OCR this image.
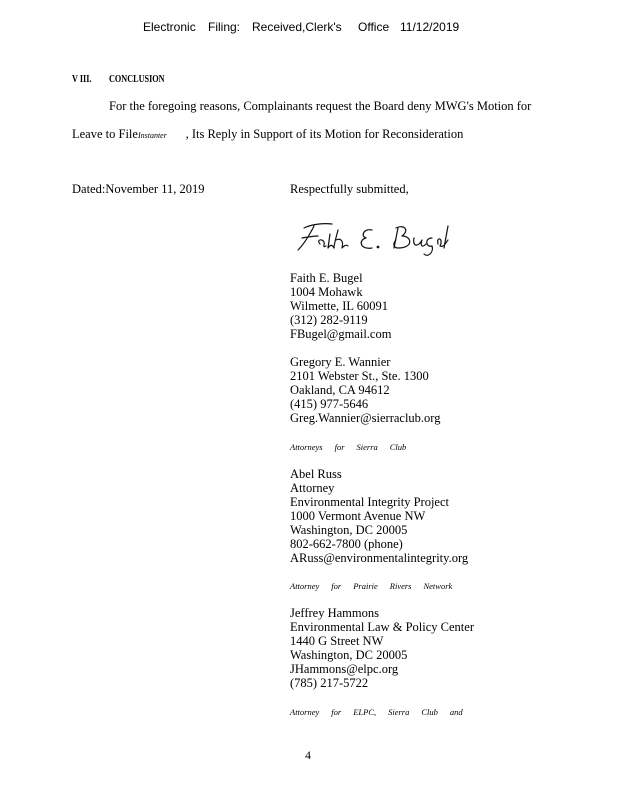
Electronic Filing: Received,Clerk's Office 11/12/2019
V III. CONCLUSION
For the foregoing reasons, Complainants request the Board deny MWG's Motion for
Leave to FileInstanter , Its Reply in Support of its Motion for Reconsideration
Dated:November 11, 2019	Respectfully submitted,
Faith E. Bugel
1004 Mohawk
Wilmette, IL 60091
(312) 282-9119
FBugel@gmail.com
Gregory E. Wannier
2101 Webster St., Ste. 1300
Oakland, CA 94612
(415) 977-5646
Greg.Wannier@sierraclub.org
Attorneys for Sierra Club
Abel Russ
Attorney
Environmental Integrity Project
1000 Vermont Avenue NW
Washington, DC 20005
802-662-7800 (phone)
ARuss@environmentalintegrity.org
Attorney for Prairie Rivers Network
Jeffrey Hammons
Environmental Law & Policy Center
1440 G Street NW
Washington, DC 20005
JHammons@elpc.org
(785) 217-5722
Attorney for ELPC, Sierra Club and
4
